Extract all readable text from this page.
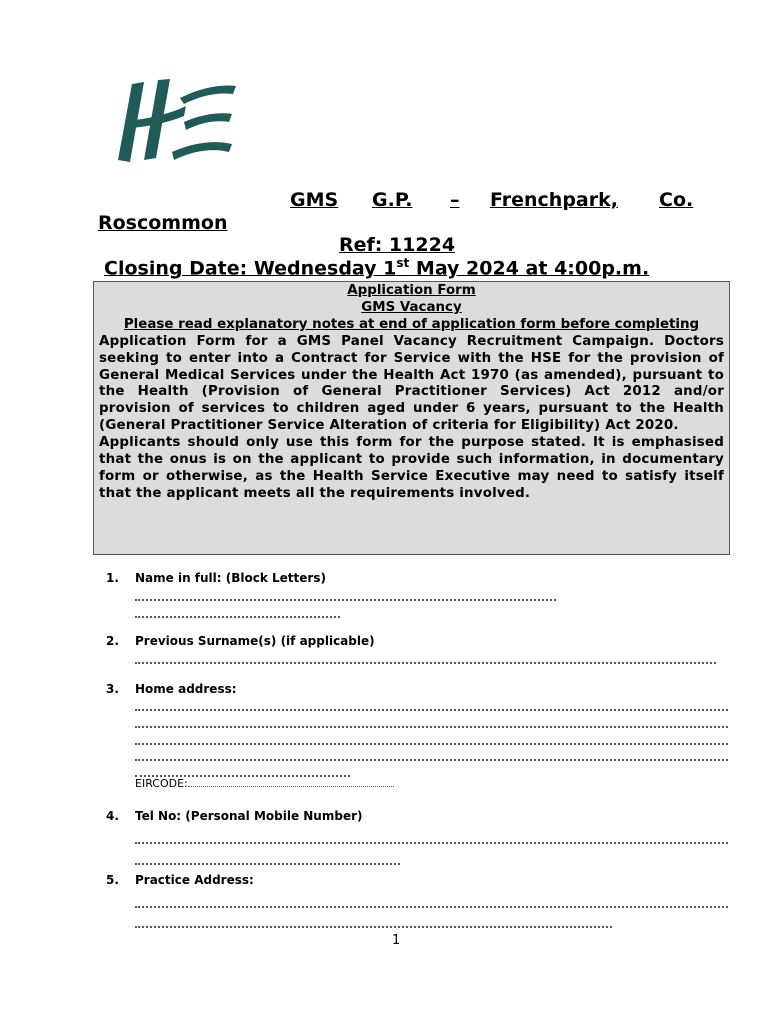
GMS G.P. – Frenchpark, Co.
Roscommon
Ref: 11224
Closing Date: Wednesday 1st May 2024 at 4:00p.m.
Application Form
GMS Vacancy
Please read explanatory notes at end of application form before completing
Application Form for a GMS Panel Vacancy Recruitment Campaign. Doctors seeking to enter into a Contract for Service with the HSE for the provision of General Medical Services under the Health Act 1970 (as amended), pursuant to the Health (Provision of General Practitioner Services) Act 2012 and/or provision of services to children aged under 6 years, pursuant to the Health (General Practitioner Service Alteration of criteria for Eligibility) Act 2020.
Applicants should only use this form for the purpose stated. It is emphasised that the onus is on the applicant to provide such information, in documentary form or otherwise, as the Health Service Executive may need to satisfy itself that the applicant meets all the requirements involved.
1. Name in full: (Block Letters)
2. Previous Surname(s) (if applicable)
3. Home address:
EIRCODE:
4. Tel No: (Personal Mobile Number)
5. Practice Address:
1
